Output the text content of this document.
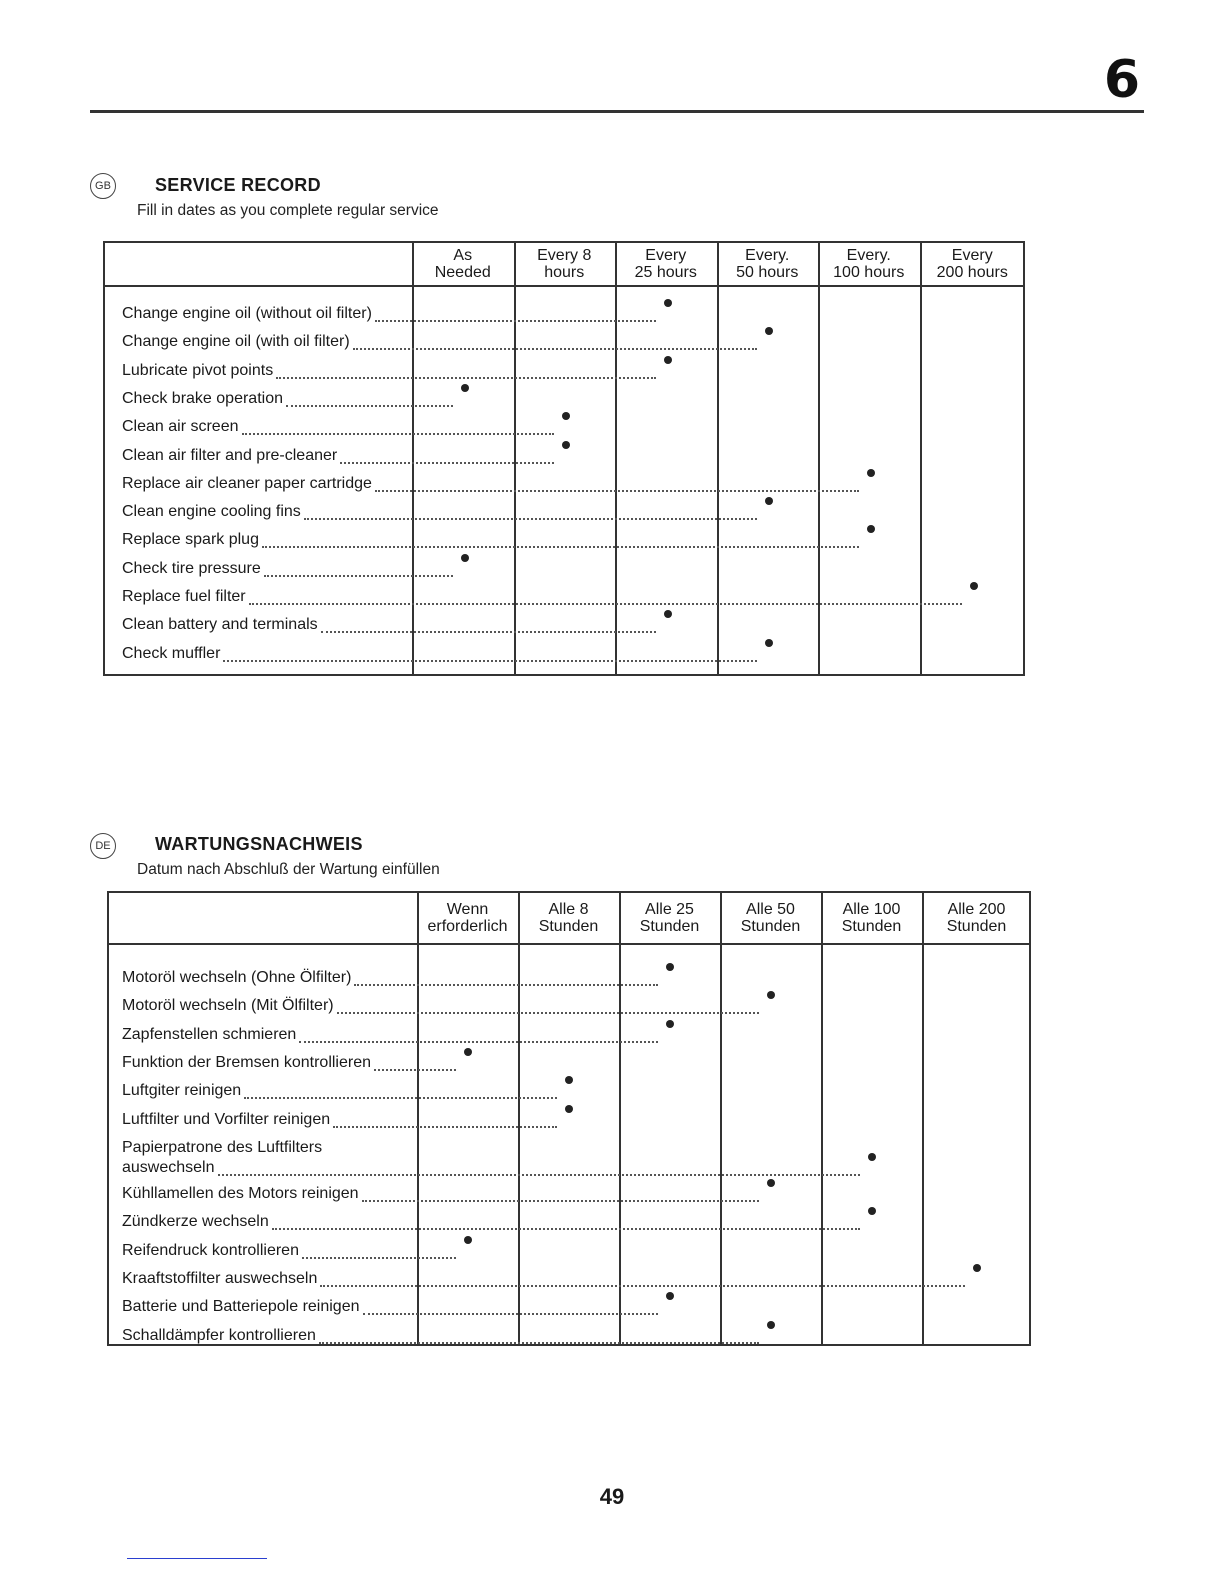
6
GB SERVICE RECORD
Fill in dates as you complete regular service
As
Needed
Every 8
hours
Every
25 hours
Every.
50 hours
Every.
100 hours
Every
200 hours
Change engine oil (without oil filter)
Change engine oil (with oil filter)
Lubricate pivot points
Check brake operation
Clean air screen
Clean air filter and pre-cleaner
Replace air cleaner paper cartridge
Clean engine cooling fins
Replace spark plug
Check tire pressure
Replace fuel filter
Clean battery and terminals
Check muffler
DE WARTUNGSNACHWEIS
Datum nach Abschluß der Wartung einfüllen
Wenn
erforderlich
Alle 8
Stunden
Alle 25
Stunden
Alle 50
Stunden
Alle 100
Stunden
Alle 200
Stunden
Motoröl wechseln (Ohne Ölfilter)
Motoröl wechseln (Mit Ölfilter)
Zapfenstellen schmieren
Funktion der Bremsen kontrollieren
Luftgiter reinigen
Luftfilter und Vorfilter reinigen
Papierpatrone des Luftfilters
auswechseln
Kühllamellen des Motors reinigen
Zündkerze wechseln
Reifendruck kontrollieren
Kraaftstoffilter auswechseln
Batterie und Batteriepole reinigen
Schalldämpfer kontrollieren
49
